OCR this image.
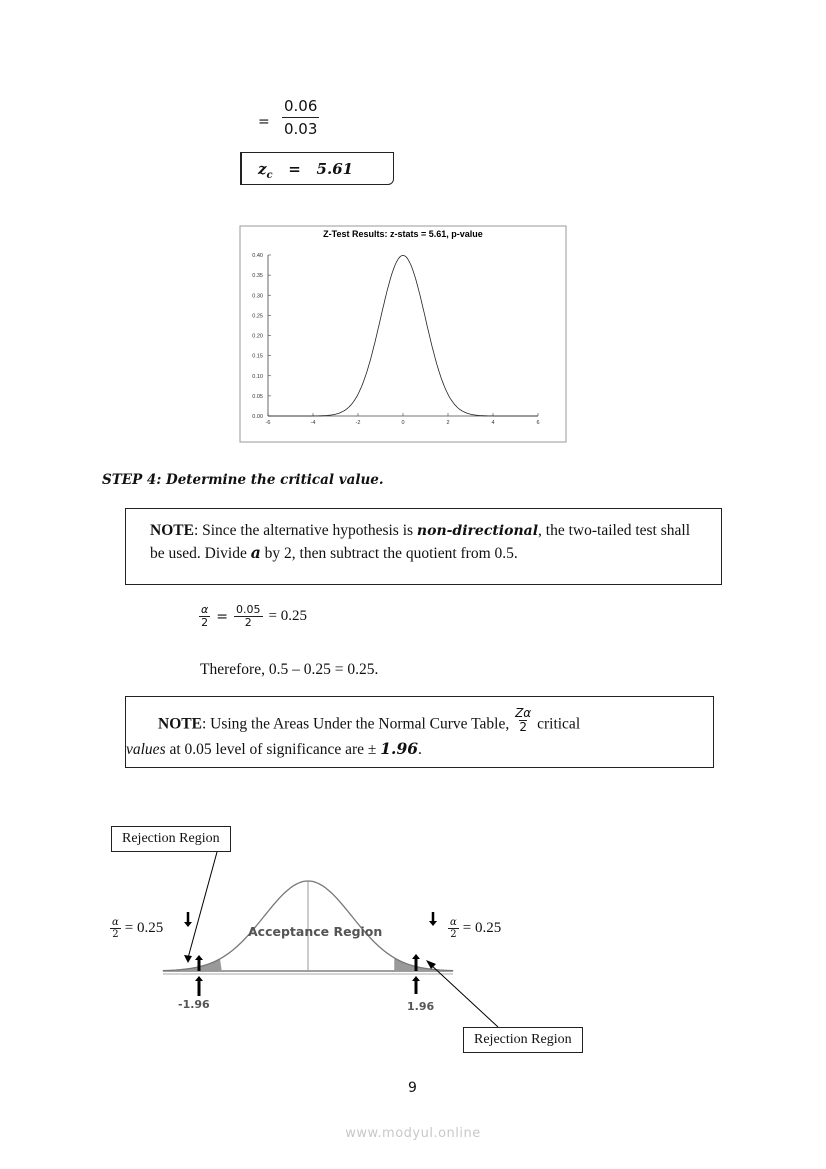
= $\frac{0.06}{0.03}$
$z_c = 5.61$
Z-Test Results: z-stats = 5.61, p-value
0.00
0.05
0.10
0.15
0.20
0.25
0.30
0.35
0.40
-6	-4	-2	0	2	4	6
STEP 4: Determine the critical value.
NOTE: Since the alternative hypothesis is non-directional, the two-tailed test shall be used. Divide a by 2, then subtract the quotient from 0.5.
$\frac{\alpha}{2} = \frac{0.05}{2} = 0.25$
Therefore, 0.5 – 0.25 = 0.25.
NOTE: Using the Areas Under the Normal Curve Table, $\frac{Z\alpha}{2}$ critical
values at 0.05 level of significance are ± 1.96.
Rejection Region
Rejection Region
Acceptance Region
$\frac{\alpha}{2} = 0.25$	$\frac{\alpha}{2} = 0.25$
-1.96	1.96
9
www.modyul.online
